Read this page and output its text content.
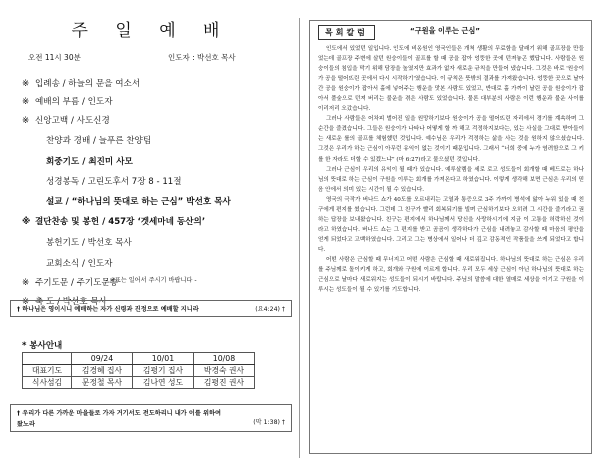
주 일 예 배
오전 11시 30분	인도자 : 박선호 목사
※ 입례송 / 하늘의 문을 여소서
※ 예배의 부름 / 인도자
※ 신앙고백 / 사도신경
찬양과 경배 / 늘푸른 찬양팀
회중기도 / 최진미 사모
성경봉독 / 고린도후서 7장 8 - 11절
설교 / “하나님의 뜻대로 하는 근심” 박선호 목사
※ 결단찬송 및 봉헌 / 457장 ‘겟세마네 동산의’
봉헌기도 / 박선호 목사
교회소식 / 인도자
※ 주기도문 / 주기도문송
※ 축 도 / 박선호 목사
- ※표는 일어서 주시기 바랍니다 -
† 하나님은 영이시니 예배하는 자가 신령과 진정으로 예배할 지니라	(요4:24) †
* 봉사안내
	09/24	10/01	10/08
대표기도	김경혜 집사	김평기 집사	박경숙 권사
식사섬김	문정철 목사	김나연 성도	김평진 권사
† 우리가 다른 가까운 마을들로 가자 거기서도 전도하리니 내가 이를 위하여
왔노라	(막 1:38) †
목회칼럼	“구원을 이루는 근심”

인도에서 있었던 일입니다. 인도에 비옹원인 영국인들은 개척 생활의 무료함을 달래기 위해 골프장을 만들었는데 골프장 주변에 살던 원숭이들이 골프를 할 때 공을 잡아 엉뚱한 곳에 던져놓곤 했답니다. 사람들은 원숭이들의 침입을 막기 위해 담장을 높였지만 효과가 없자 새로운 규칙을 만들어 냈습니다. 그것은 바로 '원숭이가 공을 떨어뜨린 곳에서 다시 시작하기'였습니다. 이 규칙은 뜻밖의 결과를 가져왔습니다. 엉뚱한 곳으로 날아간 공을 원숭이가 잡아서 홀에 넣어주는 행운을 맛본 사람도 있었고, 반대로 홀 가까이 날린 공을 원숭이가 잡아서 풀숲으로 던져 버리는 불운을 겪은 사람도 있었습니다. 물론 대부분의 사람은 이런 행운과 불운 사이를 이리저리 오갔습니다.

그러나 사람들은 어차피 벌어진 일을 원망하기보다 원숭이가 공을 떨어뜨린 자리에서 경기를 계속하며 그 순간을 즐겼습니다. 그들은 원숭이가 나타나 어떻게 할 까 해고 걱정하지보다는, 있는 사실을 그대로 받아들이는 새로운 룰의 골프를 체험했던 것입니다. 예수님은 우리가 걱정하는 삶을 사는 것을 원하지 않으셨습니다. 그것은 우리가 하는 근심이 아무런 유익이 없는 것이기 때문입니다. 그래서 “너희 중에 누가 염려함으로 그 키를 한 자라도 더할 수 있겠느냐” (마 6:27)라고 물으셨던 것입니다.

그러나 근심이 우리의 유익이 될 때가 있습니다. 예루살렘을 세로 로고 성도들이 회개할 때 베드로는 하나님의 뜻대로 하는 근심이 구원을 이루는 회개를 가져온다고 하였습니다. 이렇게 생각해 보면 근심은 우리의 믿음 안에서 의미 있는 시간이 될 수 있습니다.

영국의 극작가 버나드 쇼가 40도를 오르내리는 고열과 통증으로 3주 가까이 병석에 앓아 누워 있을 때 친구에게 편지를 썼습니다. 그런데 그 친구가 빨리 회복되기를 빌며 근심하기보다 오히려 그 시간을 즐기라고 권하는 답장을 보내왔습니다. 친구는 편지에서 하나님께서 당신을 사랑하시기에 지금 이 고통을 허락하신 것이라고 하였습니다. 버나드 쇼는 그 편지를 받고 곰곰이 생각하다가 근심을 내려놓고 감사할 때 마음의 평안을 얻게 되었다고 고백하였습니다. 그리고 그는 병상에서 일어나 더 깊고 감동적인 작품들을 쓰게 되었다고 합니다.

어떤 사람은 근심할 때 무너지고 어떤 사람은 근심할 때 새로워집니다. 하나님의 뜻대로 하는 근심은 우리를 주님께로 돌이키게 하고, 회개와 구원에 이르게 합니다. 우리 모두 세상 근심이 아닌 하나님의 뜻대로 하는 근심으로 날마다 새로워지는 성도들이 되시기 바랍니다. 주님의 말씀에 대한 열매로 세상을 이기고 구원을 이루시는 성도들이 될 수 있기를 기도합니다.
